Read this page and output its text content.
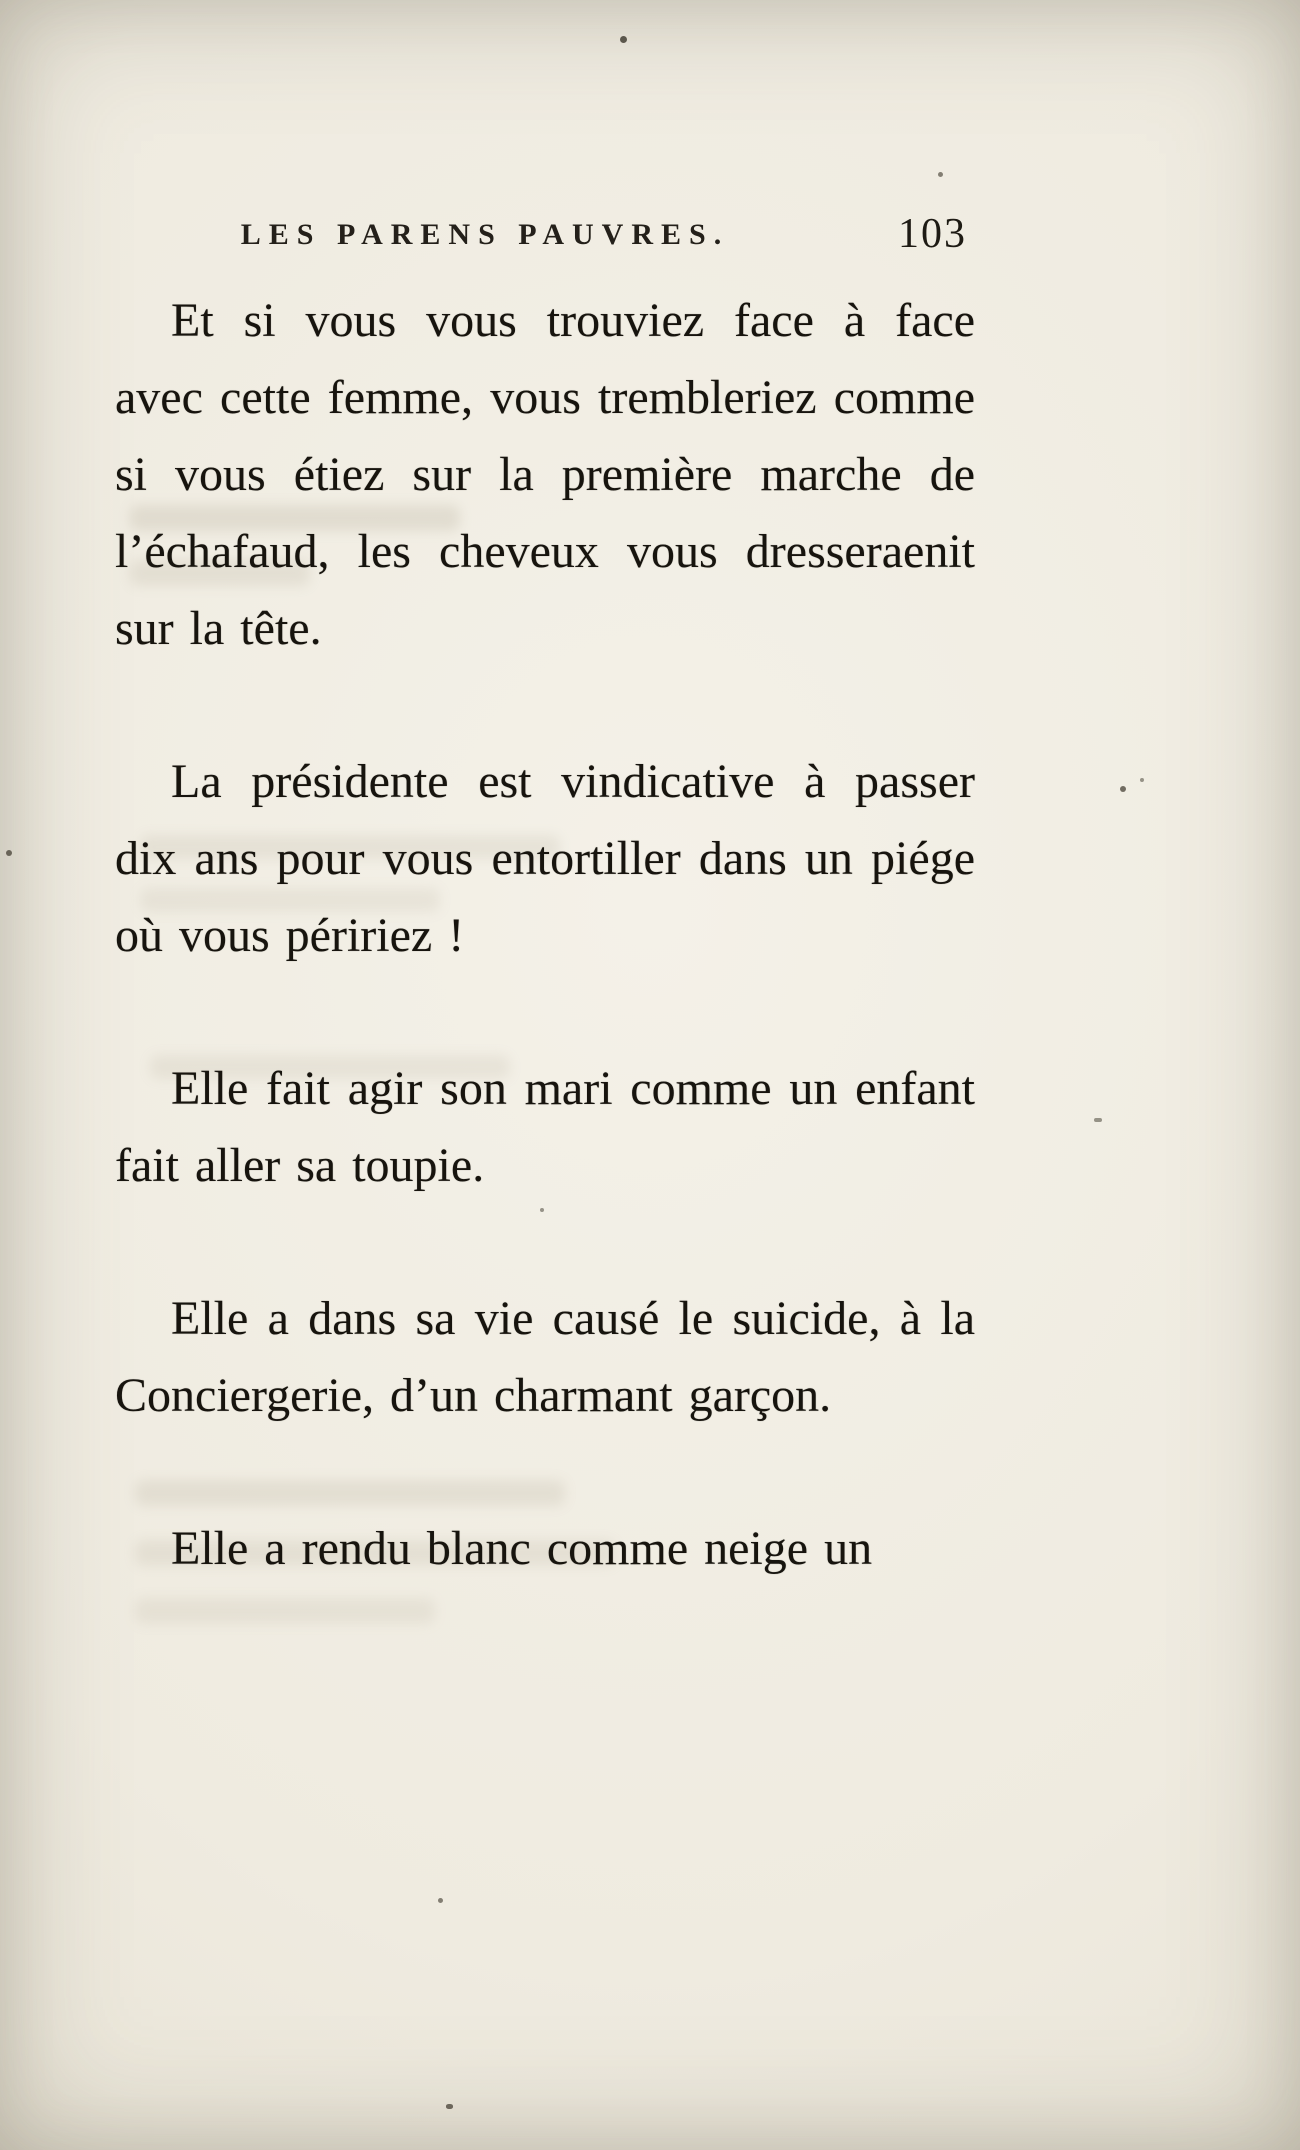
LES PARENS PAUVRES.	103

Et si vous vous trouviez face à face avec cette femme, vous trembleriez comme si vous étiez sur la première marche de l’échafaud, les cheveux vous dresseraenit sur la tête.

La présidente est vindicative à passer dix ans pour vous entortiller dans un piége où vous péririez !

Elle fait agir son mari comme un enfant fait aller sa toupie.

Elle a dans sa vie causé le suicide, à la Conciergerie, d’un charmant garçon.

Elle a rendu blanc comme neige un
